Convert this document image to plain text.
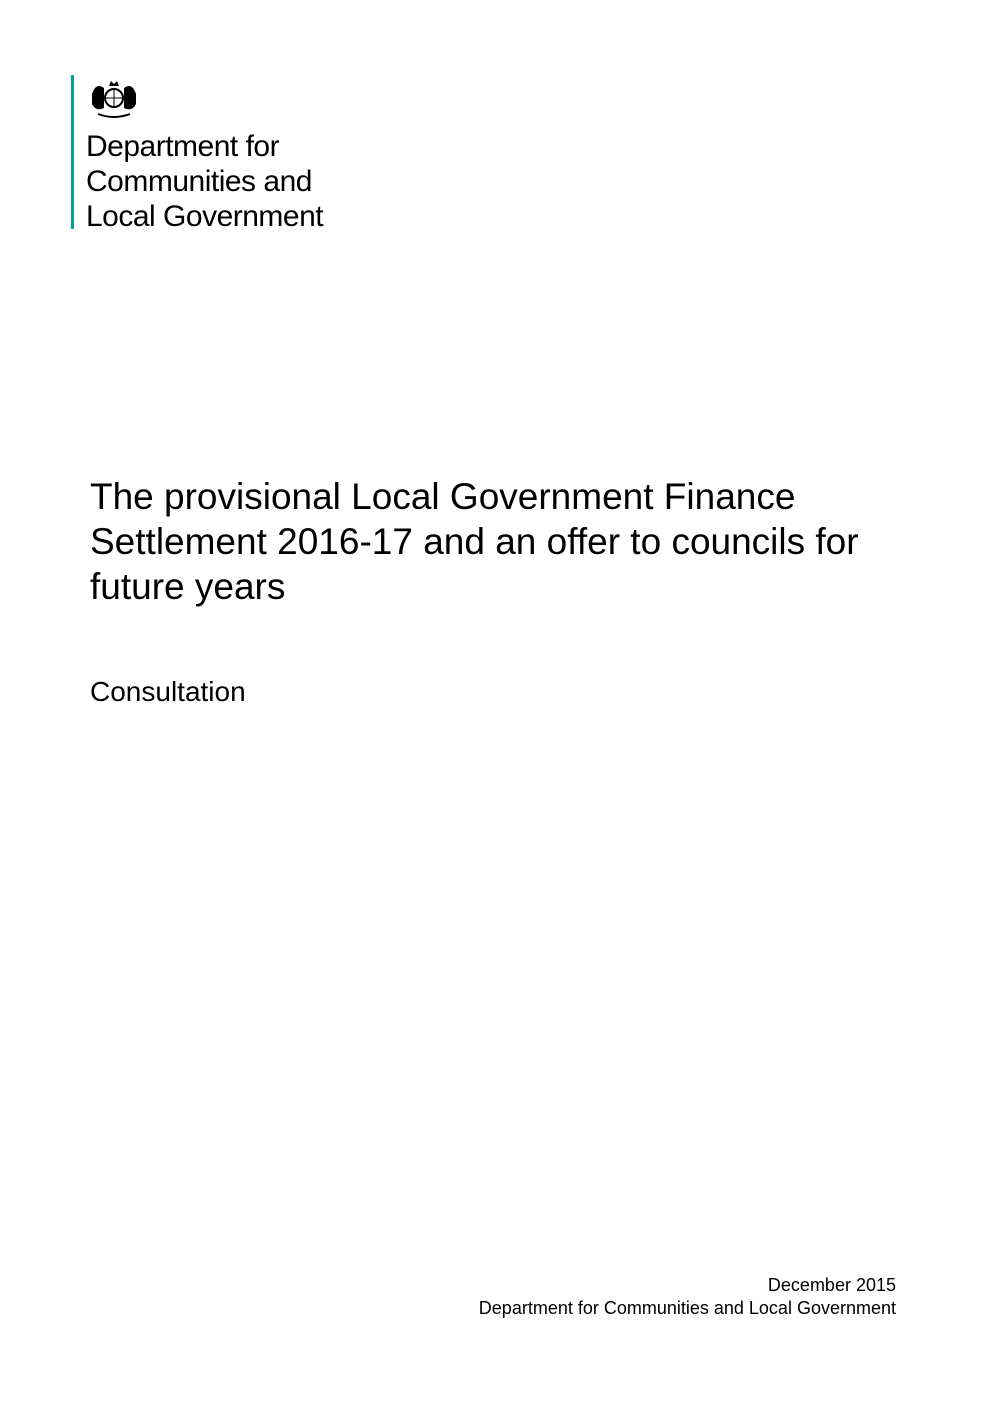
Department for
Communities and
Local Government
The provisional Local Government Finance Settlement 2016-17 and an offer to councils for future years
Consultation
December 2015
Department for Communities and Local Government
